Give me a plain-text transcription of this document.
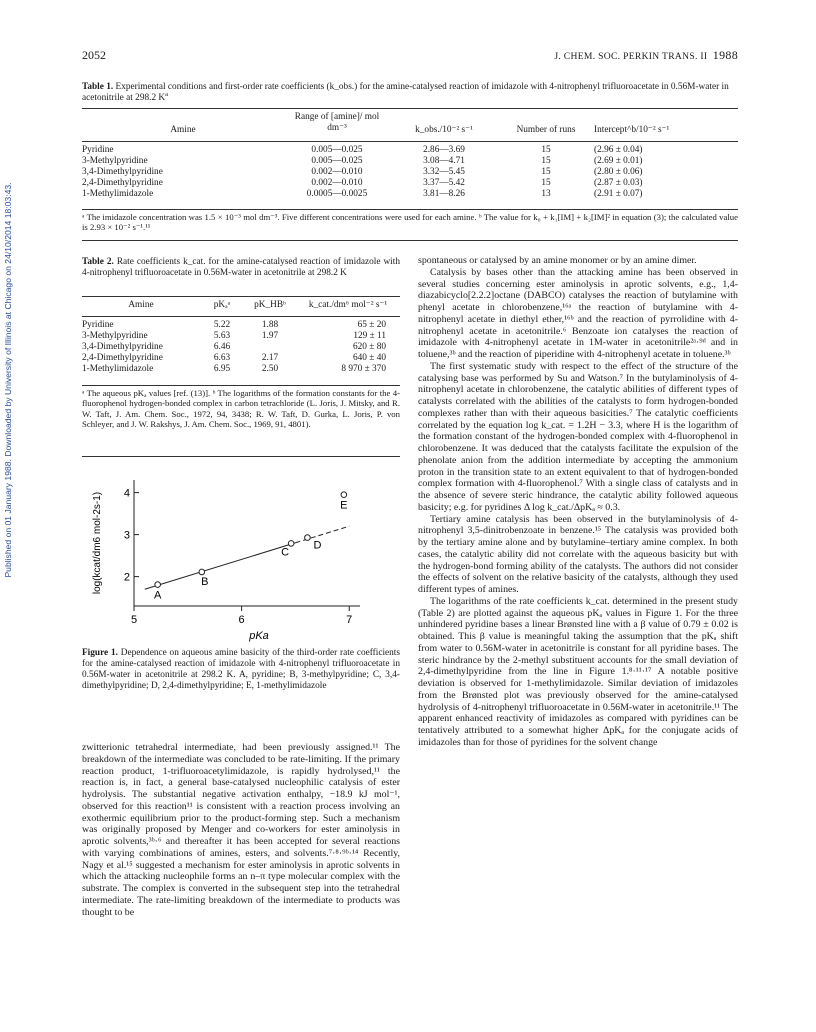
Published on 01 January 1988. Downloaded by University of Illinois at Chicago on 24/10/2014 18:03:43.
2052	J. CHEM. SOC. PERKIN TRANS. II 1988
Table 1. Experimental conditions and first-order rate coefficients (k_obs.) for the amine-catalysed reaction of imidazole with 4-nitrophenyl trifluoroacetate in 0.56M-water in acetonitrile at 298.2 $K^a$
Amine	Range of [amine]/ mol dm⁻³	k_obs./10⁻² s⁻¹	Number of runs	Intercept^b/10⁻² s⁻¹

Pyridine	0.005—0.025	2.86—3.69	15	(2.96 ± 0.04)
3-Methylpyridine	0.005—0.025	3.08—4.71	15	(2.69 ± 0.01)
3,4-Dimethylpyridine	0.002—0.010	3.32—5.45	15	(2.80 ± 0.06)
2,4-Dimethylpyridine	0.002—0.010	3.37—5.42	15	(2.87 ± 0.03)
1-Methylimidazole	0.0005—0.0025	3.81—8.26	13	(2.91 ± 0.07)
ᵃ The imidazole concentration was 1.5 × 10⁻³ mol dm⁻³. Five different concentrations were used for each amine. ᵇ The value for k₀ + k₁[IM] + k₂[IM]² in equation (3); the calculated value is 2.93 × 10⁻² s⁻¹.¹¹
Table 2. Rate coefficients k_cat. for the amine-catalysed reaction of imidazole with 4-nitrophenyl trifluoroacetate in 0.56M-water in acetonitrile at 298.2 K
Amine	pKₐᵃ	pK_HBᵇ	k_cat./dm⁶ mol⁻² s⁻¹

Pyridine	5.22	1.88	65 ± 20
3-Methylpyridine	5.63	1.97	129 ± 11
3,4-Dimethylpyridine	6.46		620 ± 80
2,4-Dimethylpyridine	6.63	2.17	640 ± 40
1-Methylimidazole	6.95	2.50	8 970 ± 370
ᵃ The aqueous pKₐ values [ref. (13)]. ᵇ The logarithms of the formation constants for the 4-fluorophenol hydrogen-bonded complex in carbon tetrachloride (L. Joris, J. Mitsky, and R. W. Taft, J. Am. Chem. Soc., 1972, 94, 3438; R. W. Taft, D. Gurka, L. Joris, P. von Schleyer, and J. W. Rakshys, J. Am. Chem. Soc., 1969, 91, 4801).
5	6	7
2
3
4
pKa
log(kcat/dm6 mol-2s-1)
A
B
C
D
E
Figure 1. Dependence on aqueous amine basicity of the third-order rate coefficients for the amine-catalysed reaction of imidazole with 4-nitrophenyl trifluoroacetate in 0.56M-water in acetonitrile at 298.2 K. A, pyridine; B, 3-methylpyridine; C, 3,4-dimethylpyridine; D, 2,4-dimethylpyridine; E, 1-methylimidazole

zwitterionic tetrahedral intermediate, had been previously assigned.¹¹ The breakdown of the intermediate was concluded to be rate-limiting. If the primary reaction product, 1-trifluoroacetylimidazole, is rapidly hydrolysed,¹¹ the reaction is, in fact, a general base-catalysed nucleophilic catalysis of ester hydrolysis. The substantial negative activation enthalpy, −18.9 kJ mol⁻¹, observed for this reaction¹¹ is consistent with a reaction process involving an exothermic equilibrium prior to the product-forming step. Such a mechanism was originally proposed by Menger and co-workers for ester aminolysis in aprotic solvents,³ᵇ·⁶ and thereafter it has been accepted for several reactions with varying combinations of amines, esters, and solvents.⁷·⁸·⁹ᵇ·¹⁴ Recently, Nagy et al.¹⁵ suggested a mechanism for ester aminolysis in aprotic solvents in which the attacking nucleophile forms an n–π type molecular complex with the substrate. The complex is converted in the subsequent step into the tetrahedral intermediate. The rate-limiting breakdown of the intermediate to products was thought to be

spontaneous or catalysed by an amine monomer or by an amine dimer.

Catalysis by bases other than the attacking amine has been observed in several studies concerning ester aminolysis in aprotic solvents, e.g., 1,4-diazabicyclo[2.2.2]octane (DABCO) catalyses the reaction of butylamine with phenyl acetate in chlorobenzene,¹⁶ᵃ the reaction of butylamine with 4-nitrophenyl acetate in diethyl ether,¹⁶ᵇ and the reaction of pyrrolidine with 4-nitrophenyl acetate in acetonitrile.⁶ Benzoate ion catalyses the reaction of imidazole with 4-nitrophenyl acetate in 1M-water in acetonitrile²ᵃ·⁹ᵈ and in toluene,³ᵇ and the reaction of piperidine with 4-nitrophenyl acetate in toluene.³ᵇ

The first systematic study with respect to the effect of the structure of the catalysing base was performed by Su and Watson.⁷ In the butylaminolysis of 4-nitrophenyl acetate in chlorobenzene, the catalytic abilities of different types of catalysts correlated with the abilities of the catalysts to form hydrogen-bonded complexes rather than with their aqueous basicities.⁷ The catalytic coefficients correlated by the equation log k_cat. = 1.2H − 3.3, where H is the logarithm of the formation constant of the hydrogen-bonded complex with 4-fluorophenol in chlorobenzene. It was deduced that the catalysts facilitate the expulsion of the phenolate anion from the addition intermediate by accepting the ammonium proton in the transition state to an extent equivalent to that of hydrogen-bonded complex formation with 4-fluorophenol.⁷ With a single class of catalysts and in the absence of severe steric hindrance, the catalytic ability followed aqueous basicity; e.g. for pyridines Δ log k_cat./ΔpKₐ ≈ 0.3.

Tertiary amine catalysis has been observed in the butylaminolysis of 4-nitrophenyl 3,5-dinitrobenzoate in benzene.¹⁵ The catalysis was provided both by the tertiary amine alone and by butylamine–tertiary amine complex. In both cases, the catalytic ability did not correlate with the aqueous basicity but with the hydrogen-bond forming ability of the catalysts. The authors did not consider the effects of solvent on the relative basicity of the catalysts, although they used different types of amines.

The logarithms of the rate coefficients k_cat. determined in the present study (Table 2) are plotted against the aqueous pKₐ values in Figure 1. For the three unhindered pyridine bases a linear Brønsted line with a β value of 0.79 ± 0.02 is obtained. This β value is meaningful taking the assumption that the pKₐ shift from water to 0.56M-water in acetonitrile is constant for all pyridine bases. The steric hindrance by the 2-methyl substituent accounts for the small deviation of 2,4-dimethylpyridine from the line in Figure 1.⁸·¹¹·¹⁷ A notable positive deviation is observed for 1-methylimidazole. Similar deviation of imidazoles from the Brønsted plot was previously observed for the amine-catalysed hydrolysis of 4-nitrophenyl trifluoroacetate in 0.56M-water in acetonitrile.¹¹ The apparent enhanced reactivity of imidazoles as compared with pyridines can be tentatively attributed to a somewhat higher ΔpKₐ for the conjugate acids of imidazoles than for those of pyridines for the solvent change
